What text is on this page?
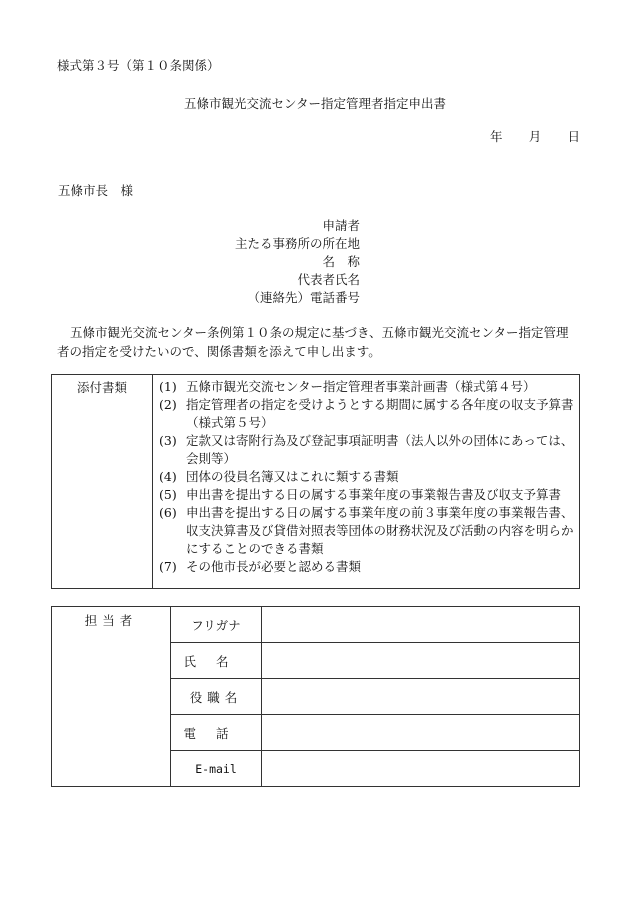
様式第３号（第１０条関係）
五條市観光交流センター指定管理者指定申出書
年 月 日
五條市長　様
申請者
主たる事務所の所在地
名　称
代表者氏名
（連絡先）電話番号
五條市観光交流センター条例第１０条の規定に基づき、五條市観光交流センター指定管理者の指定を受けたいので、関係書類を添えて申し出ます。
添付書類	(1) 五條市観光交流センター指定管理者事業計画書（様式第４号）
(2) 指定管理者の指定を受けようとする期間に属する各年度の収支予算書（様式第５号）
(3) 定款又は寄附行為及び登記事項証明書（法人以外の団体にあっては、会則等）
(4) 団体の役員名簿又はこれに類する書類
(5) 申出書を提出する日の属する事業年度の事業報告書及び収支予算書
(6) 申出書を提出する日の属する事業年度の前３事業年度の事業報告書、収支決算書及び貸借対照表等団体の財務状況及び活動の内容を明らかにすることのできる書類
(7) その他市長が必要と認める書類
担当者	フリガナ	
	氏名	
	役職名	
	電話	
	E-mail	
